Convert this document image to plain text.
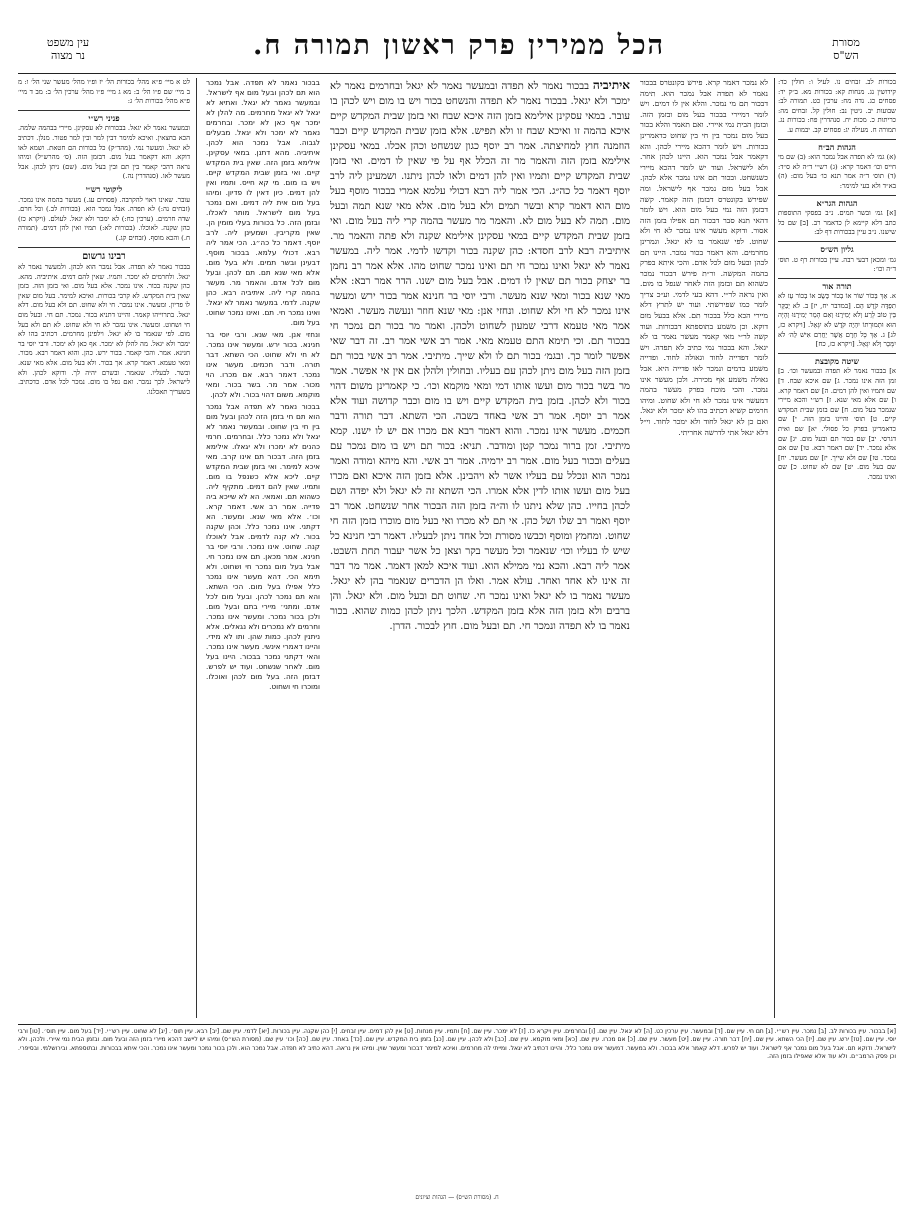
מסורת
הש"ס
הכל ממירין פרק ראשון תמורה ח.
עין משפט
נר מצוה

בכורות לב. זבחים נו. לעיל ו: חולין כד: קידושין נג. מנחות קא: בכורות מא. ב״ק יד: פסחים כג. נדה מח: ערכין כט. תמורה לב: שבועות יב. גיטין נב: חולין קל. זבחים מה: כריתות כ. מכות יח. סנהדרין פח: בכורות נג. תמורה ח. מעילה יג: פסחים קב. יבמות ע.

הגהות הב״ח

(א) גמ׳ לא תפדה אבל נמכר הוא: (ב) שם מי חייס וכו׳ דאמר קרא: (ג) רש״י ד״ה לא ס״ד: (ד) תוס׳ ד״ה אמר תנא כו׳ בעל מום: (ה) בא״ד ולא בעי למימר:

הגהות הגר״א

[א] גמ׳ ובשר תמים. נ״ב בפסקי התוספות כתב דלא קיימא לן כדאמר רב. [ב] שם כל שישנו. נ״ב עיין בבכורות דף לב:

גליון הש״ס

גמ׳ ומכאן דבעי רבה. עיין בכורות דף ט. תוס׳ ד״ה וכו׳:

תורה אור

א. אַךְ בְּכוֹר שׁוֹר אוֹ בְכוֹר כֶּשֶׂב אוֹ בְכוֹר עֵז לֹא תִפְדֶּה קֹדֶשׁ הֵם. [במדבר יח, יז] ב. לֹא יְבַקֵּר בֵּין טוֹב לָרַע וְלֹא יְמִירֶנּוּ וְאִם הָמֵר יְמִירֶנּוּ וְהָיָה הוּא וּתְמוּרָתוֹ יִהְיֶה קֹּדֶשׁ לֹא יִגָּאֵל. [ויקרא כז, לג] ג. אַךְ כָּל חֵרֶם אֲשֶׁר יַחֲרִם אִישׁ לַה׳ לֹא יִמָּכֵר וְלֹא יִגָּאֵל. [ויקרא כז, כח]

שיטה מקובצת

א] בבכור נאמר לא תפדה ובמעשר וכו׳. ב] זמן הזה אינו נמכר. ג] שם איכא שבח. ד] שם ותמיו ואין להן דמים. ה] שם דאמר קרא. ו] שם אלא מאי שנא. ז] רש״י והכא מיירי שנמכר בעל מום. ח] שם בזמן שבית המקדש קיים. ט] תוס׳ והיינו בזמן הזה. י] שם כדאמרינן בפרק כל פסולי. יא] שם ואית דגרסי. יב] שם בכור תם ובעל מום. יג] שם אלא נמכר. יד] שם דאמר רבא. טו] שם אם נמכר. טז] שם ולא שייך. יז] שם מעשר. יח] שם בעל מום. יט] שם לא שחוט. כ] שם ואינו נמכר.

לא נמכר דאמר קרא. פירש בקונטרס בבכור נאמר לא תפדה אבל נמכר הוא. תימה דבכור תם מי נמכר. והלא אין לו דמים. ויש לומר דמיירי בבכור בעל מום ובזמן הזה. ובזמן הבית נמי איירי. ואם תאמר והלא בכור בעל מום נמכר בין חי בין שחוט כדאמרינן בכורות. ויש לומר דהכא מיירי לכהן. והא דקאמר אבל נמכר הוא. היינו לכהן אחר. ולא לישראל. ועוד יש לומר דהכא מיירי כשנשחט. ובכור תם אינו נמכר אלא לכהן. אבל בעל מום נמכר אף לישראל. ומה שפירש בקונטרס דבזמן הזה קאמר. קשה דבזמן הזה נמי בעל מום הוא. ויש לומר דהאי תנא סבר דבכור תם אפילו בזמן הזה אסור. ודוקא מעשר אינו נמכר לא חי ולא שחוט. לפי שנאמר בו לא יגאל. וגמרינן מחרמים. והא דאמר בכור נמכר. היינו תם לכהן ובעל מום לכל אדם. והכי איתא בפרק בהמה המקשה. ור״ת פירש דבכור נמכר כשהוא תם ובזמן הזה לאחר שנפל בו מום. ואין נראה לר״י. דהא בעי לדמי. וע״כ צריך לומר כמו שפירשתי. ועוד יש לתרץ דלא מיירי הכא כלל בבכור תם. אלא בבעל מום דוקא. וכן משמע בתוספתא דבכורות. ועוד קשה לר״י מאי קאמר מעשר נאמר בו לא יגאל. והא בבכור נמי כתיב לא תפדה. ויש לומר דפדייה לחוד וגאולה לחוד. ופדייה משמע בדמים ונמכר לאו פדייה היא. אבל גאולה משמע אף מכירה. ולכן מעשר אינו נמכר. והכי מוכח בפרק מעשר בהמה דמעשר אינו נמכר לא חי ולא שחוט. ומיהו חרמים קשיא דכתיב בהו לא ימכר ולא יגאל. ואם כן לא יגאל לחוד ולא ימכר לחוד. וי״ל דלא יגאל אתי לדרשה אחריתי.

איתיביה בבכור נאמר לא תפדה ובמעשר נאמר לא יגאל ובחרמים נאמר לא ימכר ולא יגאל. בבכור נאמר לא תפדה והנשחט בכור ויש בו מום ויש לכהן בו עובר. במאי עסקינן אילימא בזמן הזה איכא שבח ואי בזמן שבית המקדש קיים איכא בהמה זו ואיכא שבח זו ולא תפיש. אלא בזמן שבית המקדש קיים וכבר הוזמנה חוץ למחיצתה. אמר רב יוסף כגון שנשחט וכהן אכלו. במאי עסקינן אילימא בזמן הזה והאמר מר זה הכלל אף על פי שאין לו דמים. ואי בזמן שבית המקדש קיים ותמיו ואין להן דמים ולאו לכהן ניתנו. ושמעינן ליה לרב יוסף דאמר כל כה״ג. הכי אמר ליה רבא דכולי עלמא אמרי בבכור מוסף בעל מום הוא דאמר קרא ובשר תמים ולא בעל מום. אלא מאי שנא תמה ובעל מום. תמה לא בעל מום לא. והאמר מר מעשר בהמה קרי ליה בעל מום. ואי בזמן שבית המקדש קיים במאי עסקינן אילימא שקנה ולא פתה והאמר מר. איתיביה רבא לרב חסדא: כהן שקנה בכור וקדשו לדמי. אמר ליה. במעשר נאמר לא יגאל ואינו נמכר חי תם ואינו נמכר שחוט מהו. אלא אמר רב נחמן בר יצחק בכור תם שאין לו דמים. אבל בעל מום ישנו. הדר אמר רבא: אלא מאי שנא בכור ומאי שנא מעשר. ורבי יוסי בר חנינא אמר בכור ירש ומעשר אינו נמכר לא חי ולא שחוט. ונחזי אנן: מאי שנא חוזר ונעשה מעשר. ואמאי אמר מאי טעמא דרבי שמעון לשחוט ולכהן. ואמר מר בכור תם נמכר חי בבכור תם. וכי תימא התם טעמא מאי. אמר רב אשי אמר רב. זה דבר שאי אפשר לומר כך. ובגמ׳ בכור תם לו ולא שייך. מיתיבי. אמר רב אשי בכור תם בזמן הזה בעל מום ניתן לכהן עם בעליו. ובחולין ולהלן אם אין אי אפשר. אמר מר בשר בכור מום ועשו אותו דמי ומאי מוקמא וכו׳. כי קאמרינן משום דהוי בכור ולא לכהן. בזמן בית המקדש קיים ויש בו מום וכבר קדושה ועוד אלא אמר רב יוסף. אמר רב אשי באחד בשבה. הכי השתא. דבר תורה ודבר חכמים. מעשר אינו נמכר. והוא דאמר רבא אם מכרו אם יש לו ישנו. קמא מיתיבי. זמן ברור נמכר קטן ומודבר. תניא: בכור תם ויש בו מום נמכר עם בעלים ובכור בעל מום. אמר רב ירמיה. אמר רב אשי. והא מיהא ומודה ואמר נמכר הוא ונכלל עם בעליו אשר לא ויהבינן. אלא בזמן הזה איכא ואם מכרו בעל מום ועשו אותו לדין אלא אמרו. הכי השתא זה לא יגאל ולא יפדה ושם לכהן בחייו. כהן שלא ניתנו לו וה״ה בזמן הזה הבכור אחר שנשחט. אמר רב יוסף ואמר רב שלו ושל כהן. אי תם לא מכרו ואי בעל מום מוכרו בזמן הזה חי שחוט. ומחמץ ומוסף וכבשו מסורת וכל אחד ניתן לבעליו. דאמר רבי חנינא כל שיש לו בעליו וכו׳ שנאמר וכל מעשר בקר וצאן כל אשר יעבור תחת השבט. אמר ליה רבא. והכא נמי ממילא הוא. ועוד איכא למאן דאמר. אמר מר דבר זה אינו לא אחד ואחד. עולא אמר. ואלו הן הדברים שנאמר בהן לא יגאל. מעשר נאמר בו לא יגאל ואינו נמכר חי. שחוט תם ובעל מום. ולא יגאל. והן ברבים ולא בזמן הזה אלא בזמן המקדש. הלכך ניתן לכהן כמות שהוא. בכור נאמר בו לא תפדה ונמכר חי. תם ובעל מום. חוץ לבכור. הדרן.

בבכור נאמר לא תפדה. אבל נמכר הוא תם לכהן ובעל מום אף לישראל. ובמעשר נאמר לא יגאל. ואתיא לא יגאל לא יגאל מחרמים. מה להלן לא ימכר אף כאן לא ימכר. ובחרמים נאמר לא ימכר ולא יגאל. מבעלים לגבוה. אבל נמכר הוא לכהן. איתיביה. מהא דתנן. במאי עסקינן. אילימא בזמן הזה. שאין בית המקדש קיים. ואי בזמן שבית המקדש קיים. ויש בו מום. מי קא חייס. ותמיו ואין להן דמים. כיון דאין לו פדיון. ומיהו בעל מום אית ליה דמים. ואם נמכר בעל מום לישראל. מותר לאכלו. ובזמן הזה. כל בכורות בעלי מומין הן. שאין מקריבין. ושמעינן ליה. לרב יוסף. דאמר כל כה״ג. הכי אמר ליה רבא. דכולי עלמא. בבכור מוסף. דבעינן ובשר תמים. ולא בעל מום. אלא מאי שנא תם. תם לכהן. ובעל מום לכל אדם. והאמר מר. מעשר בהמה קרי ליה. איתיביה רבא. כהן שקנה. לדמי. במעשר נאמר לא יגאל. ואינו נמכר חי. תם. ואינו נמכר שחוט. בעל מום.

ונחזי אנן. מאי שנא. ורבי יוסי בר חנינא. בכור ירש. ומעשר אינו נמכר. לא חי ולא שחוט. הכי השתא. דבר תורה. ודבר חכמים. מעשר אינו נמכר. דאמר רבא. אם מכרו. הוי מכור. אמר מר. בשר בכור. ומאי מוקמא. משום דהוי בכור. ולא לכהן.

בבכור נאמר לא תפדה אבל נמכר הוא תם חי בזמן הזה לכהן ובעל מום בין חי בין שחוט. ובמעשר נאמר לא יגאל ולא נמכר כלל. ובחרמים. חרמי כהנים לא ימכרו ולא יגאלו. אילימא בזמן הזה. דבכור תם אינו קרב. מאי איכא למימר. ואי בזמן שבית המקדש קיים. ליכא אלא כשנפל בו מום. ותמיו. שאין להם דמים. מתקיף ליה. כשהוא תם. ואמאי. הא לא שייכא ביה פדייה. אמר רב אשי. דאמר קרא. וכו׳. אלא מאי שנא. ומעשר. הא דקתני. אינו נמכר כלל. וכהן שקנה בכור. לא קנה לדמים. אבל לאוכלו קנה. שחוט. אינו נמכר. ורבי יוסי בר חנינא. אמר מכאן. תם אינו נמכר חי. אבל בעל מום נמכר חי ושחוט. ולא תימא הכי. דהא מעשר אינו נמכר כלל אפילו בעל מום. הכי השתא. והא תם נמכר לכהן. ובעל מום לכל אדם. ומתני׳ מיירי בתם ובעל מום. ולכן בכור נמכר. ומעשר אינו נמכר. וחרמים לא נמכרים ולא נגאלים. אלא ניתנין לכהן. כמות שהן. ותו לא מידי. והיינו דאמרי אינשי. מעשר אינו נמכר. והאי דקתני נמכר בבכור. היינו בעל מום. לאחר שנשחט. ועוד יש לפרש. דבזמן הזה. בעל מום לכהן ואוכלו. ומוכרו חי ושחוט.

לט א מיי׳ פ״א מהל׳ בכורות הל׳ יז ופ״ו מהל׳ מעשר שני הל׳ ו: מ ב מיי׳ שם פ״ו הל׳ ב: מא ג מיי׳ פ״ו מהל׳ ערכין הל׳ ב: מב ד מיי׳ פ״א מהל׳ בכורות הל׳ ג:

פניני רש״י

ובמעשר נאמר לא יגאל. בבכורות לא עסקינן. מיירי בבהמה שלמה. הכא בחצאין. ואיכא למימר דבין למר ובין למר פטור. מנלן. דכתיב לא יגאל. ומעשר נמי. (מהד״ק) כל בכורות הם חטאת. ושמא לאו דוקא. והא דקאמר בעל מום. דבזמן הזה. (ס׳ מהרש״ל) ומיהו נראה דהכי קאמר בין תם ובין בעל מום. (שם) ניתן לכהן. אבל מעשר לאו. (סנהדרין נה.)

ליקוטי רש״י

עובר. שאינו ראוי להקרבה. (פסחים עג.) מעשר בהמה אינו נמכר. (זבחים נה:) לא תפדה. אבל נמכר הוא. (בכורות לב.) וכל חרם. שדה חרמים. (ערכין כח:) לא ימכר ולא יגאל. לעולם. (ויקרא כז) כהן שקנה. לאוכלו. (בכורות לא:) תמיו ואין להן דמים. (תמורה ח.) והכא מוסף. (זבחים קג.)

רבינו גרשום

בבכור נאמר לא תפדה. אבל נמכר הוא לכהן. ולמעשר נאמר לא יגאל. ולחרמים לא ימכר. ותמיו. שאין להם דמים. איתיביה. מהא. כהן שקנה בכור. אינו נמכר. אלא בעל מום. ואי בזמן הזה. בזמן שאין בית המקדש. לא קרבי בכורות. ואיכא למימר. בעל מום שאין לו פדיון. ומעשר. אינו נמכר. חי ולא שחוט. תם ולא בעל מום. דלא יגאל. בתרוייהו קאמר. והיינו דתניא בכור. נמכר. תם חי. ובעל מום חי ושחוט. ומעשר. אינו נמכר לא חי ולא שחוט. לא תם ולא בעל מום. לפי שנאמר בו לא יגאל. וילפינן מחרמים. דכתיב בהו לא ימכר ולא יגאל. מה להלן לא ימכר. אף כאן לא ימכר. ורבי יוסי בר חנינא. אמר. והכי קאמר. בכור ירש. כהן. והוא דאמר רבא. מכור. ומאי טעמא. דאמר קרא. אך בכור. ולא בעל מום. אלא מאי שנא. ובשר. לבעליו. שנאמר. ובשרם יהיה לך. ודוקא לכהן. ולא לישראל. לכך נמכר. ואם נפל בו מום. נמכר לכל אדם. כדכתיב. בשעריך תאכלנו.

[א] בבכור. עיין בכורות לב. [ב] נמכר. עיין רש״י. [ג] תם חי. עיין שם. [ד] ובמעשר. עיין ערכין כט. [ה] לא יגאל. עיין שם. [ו] ובחרמים. עיין ויקרא כז. [ז] לא ימכר. עיין שם. [ח] ותמיו. עיין מנחות. [ט] אין להן דמים. עיין זבחים. [י] כהן שקנה. עיין בכורות. [יא] לדמי. עיין שם. [יב] רבא. עיין תוס׳. [יג] לא שחוט. עיין רש״י. [יד] בעל מום. עיין תוס׳. [טו] ורבי יוסי. עיין שם. [טז] ירש. עיין שם. [יז] הכי השתא. עיין שם. [יח] דבר תורה. עיין שם. [יט] מעשר. עיין שם. [כ] אם מכרו. עיין שם. [כא] ומאי מוקמא. עיין שם. [כב] ולא לכהן. עיין שם. [כג] בזמן בית המקדש. עיין שם. [כד] באחד. עיין שם. [כה] וכו׳ עיין שם. (מסורת הש״ס) ומיהו יש ליישב דהכא מיירי בזמן הזה ובעל מום. ובזמן הבית נמי איירי. ולכהן. ולא לישראל. ודוקא תם. אבל בעל מום נמכר אף לישראל. ועוד יש לפרש. דלא קאמר אלא בבכור. ולא במעשר. דמעשר אינו נמכר כלל. והיינו דכתיב לא יגאל. ומייתי לה מחרמים. ואיכא למימר דבכור ומעשר שוין. ומיהו אין נראה. דהא כתיב לא תפדה. אבל נמכר הוא. ולכן בכור נמכר ומעשר אינו נמכר. והכי איתא בבכורות. ובתוספתא. ובירושלמי. ובסיפרי. וכן פסק הרמב״ם. ולא עוד אלא שאפילו בזמן הזה.
ח. (מסורת הש״ס) — הגהות וציונים
